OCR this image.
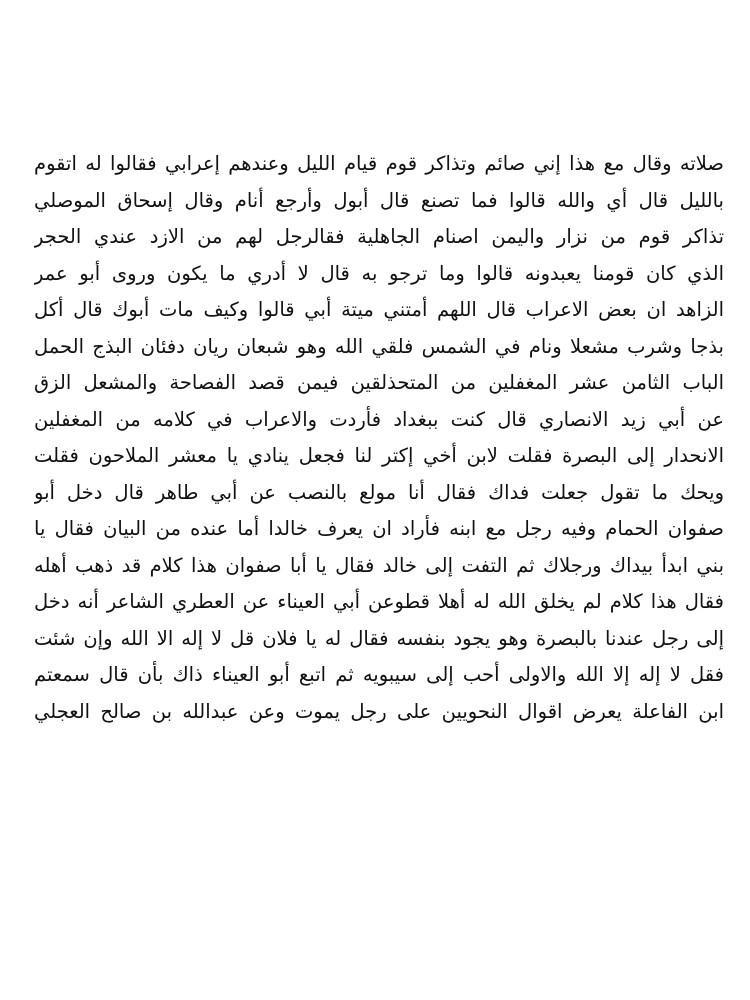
صلاته وقال مع هذا إني صائم وتذاكر قوم قيام الليل وعندهم إعرابي فقالوا له اتقوم
بالليل قال أي والله قالوا فما تصنع قال أبول وأرجع أنام وقال إسحاق الموصلي
تذاكر قوم من نزار واليمن اصنام الجاهلية فقالرجل لهم من الازد عندي الحجر
الذي كان قومنا يعبدونه قالوا وما ترجو به قال لا أدري ما يكون وروى أبو عمر
الزاهد ان بعض الاعراب قال اللهم أمتني ميتة أبي قالوا وكيف مات أبوك قال أكل
بذجا وشرب مشعلا ونام في الشمس فلقي الله وهو شبعان ريان دفئان البذج الحمل
الباب الثامن عشر المغفلين من المتحذلقين فيمن قصد الفصاحة والمشعل الزق
عن أبي زيد الانصاري قال كنت ببغداد فأردت والاعراب في كلامه من المغفلين
الانحدار إلى البصرة فقلت لابن أخي إكتر لنا فجعل ينادي يا معشر الملاحون فقلت
ويحك ما تقول جعلت فداك فقال أنا مولع بالنصب عن أبي طاهر قال دخل أبو
صفوان الحمام وفيه رجل مع ابنه فأراد ان يعرف خالدا أما عنده من البيان فقال يا
بني ابدأ بيداك ورجلاك ثم التفت إلى خالد فقال يا أبا صفوان هذا كلام قد ذهب أهله
فقال هذا كلام لم يخلق الله له أهلا قطوعن أبي العيناء عن العطري الشاعر أنه دخل
إلى رجل عندنا بالبصرة وهو يجود بنفسه فقال له يا فلان قل لا إله الا الله وإن شئت
فقل لا إله إلا الله والاولى أحب إلى سيبويه ثم اتبع أبو العيناء ذاك بأن قال سمعتم
ابن الفاعلة يعرض اقوال النحويين على رجل يموت وعن عبدالله بن صالح العجلي
